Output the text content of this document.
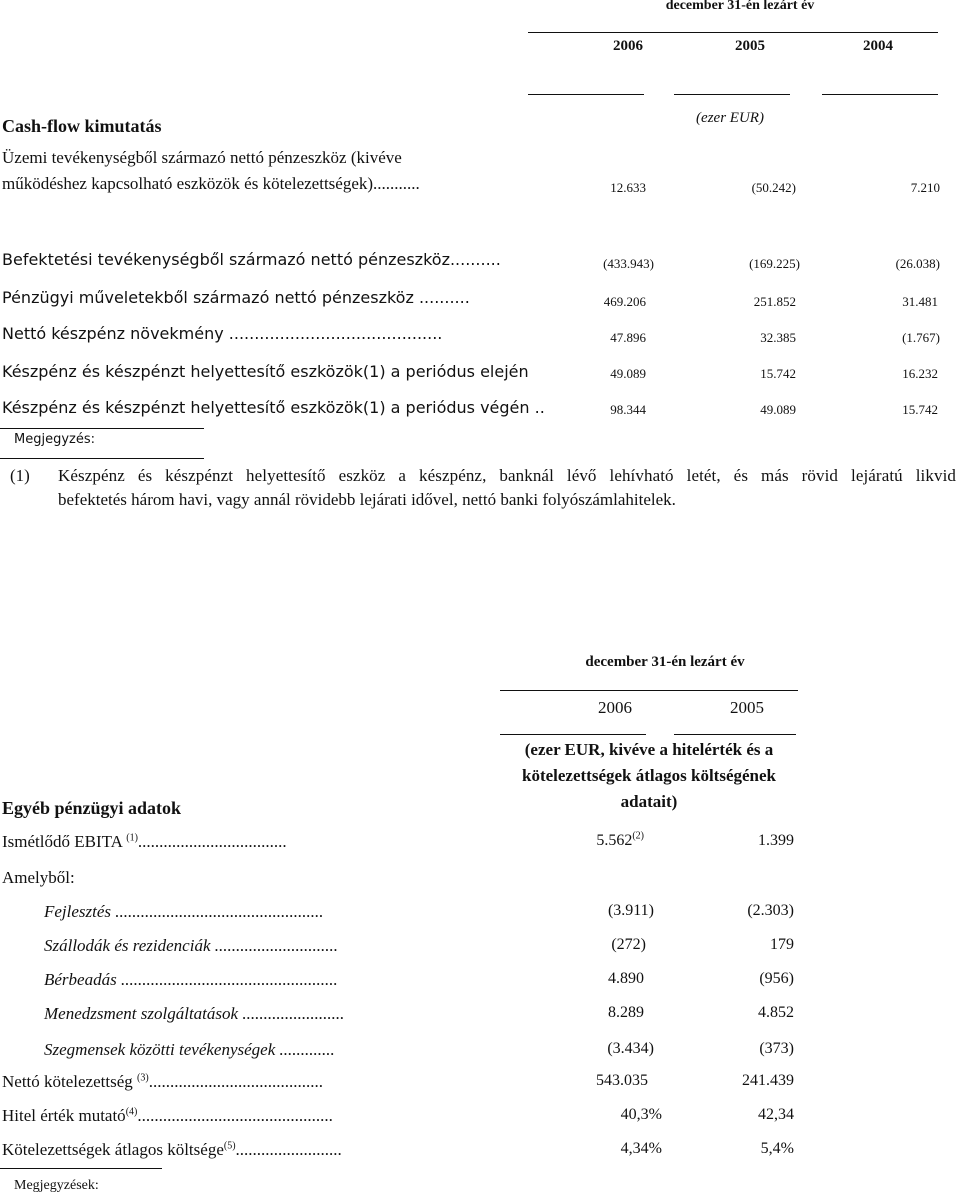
december 31-én lezárt év
2006	2005	2004
Cash-flow kimutatás	(ezer EUR)
Üzemi tevékenységből származó nettó pénzeszköz (kivéve
működéshez kapcsolható eszközök és kötelezettségek)...........	12.633	(50.242)	7.210
Befektetési tevékenységből származó nettó pénzeszköz..........	(433.943)	(169.225)	(26.038)
Pénzügyi műveletekből származó nettó pénzeszköz ..........	469.206	251.852	31.481
Nettó készpénz növekmény ..........................................	47.896	32.385	(1.767)
Készpénz és készpénzt helyettesítő eszközök(1) a periódus elején	49.089	15.742	16.232
Készpénz és készpénzt helyettesítő eszközök(1) a periódus végén ..	98.344	49.089	15.742
Megjegyzés:
(1) Készpénz és készpénzt helyettesítő eszköz a készpénz, banknál lévő lehívható letét, és más rövid lejáratú likvid
befektetés három havi, vagy annál rövidebb lejárati idővel, nettó banki folyószámlahitelek.
december 31-én lezárt év
2006	2005
(ezer EUR, kivéve a hitelérték és a
kötelezettségek átlagos költségének
adatait)
Egyéb pénzügyi adatok
Ismétlődő EBITA $^{(1)}$...................................	5.562$^{(2)}$	1.399
Amelyből:
Fejlesztés .................................................	(3.911)	(2.303)
Szállodák és rezidenciák .............................	(272)	179
Bérbeadás ...................................................	4.890	(956)
Menedzsment szolgáltatások ........................	8.289	4.852
Szegmensek közötti tevékenységek .............	(3.434)	(373)
Nettó kötelezettség $^{(3)}$.........................................	543.035	241.439
Hitel érték mutató$^{(4)}$..............................................	40,3%	42,34
Kötelezettségek átlagos költsége$^{(5)}$.........................	4,34%	5,4%
Megjegyzések:
